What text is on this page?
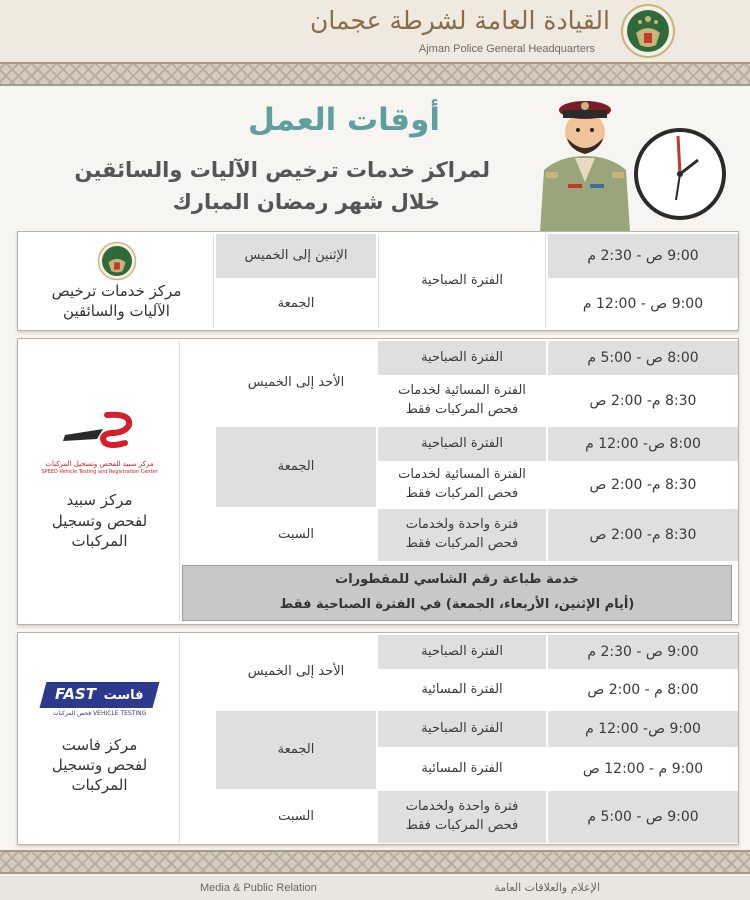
القيادة العامة لشرطة عجمان
Ajman Police General Headquarters
أوقات العمل
لمراكز خدمات ترخيص الآليات والسائقين
خلال شهر رمضان المبارك
9:00 ص - 2:30 م
9:00 ص - 12:00 م
الفترة الصباحية
الإثنين إلى الخميس
الجمعة
مركز خدمات ترخيص
الآليات والسائقين
8:00 ص - 5:00 م
8:30 م- 2:00 ص
8:00 ص- 12:00 م
8:30 م- 2:00 ص
8:30 م- 2:00 ص
الفترة الصباحية
الفترة المسائية لخدمات
فحص المركبات فقط
الفترة الصباحية
الفترة المسائية لخدمات
فحص المركبات فقط
فترة واحدة ولخدمات
فحص المركبات فقط
الأحد إلى الخميس
الجمعة
السبت
خدمة طباعة رقم الشاسي للمقطورات
(أيام الإثنين، الأربعاء، الجمعة) في الفترة الصباحية فقط
مركز سبيد للفحص وتسجيل المركبات
SPEED Vehicle Testing and Registration Center
مركز سبيد
لفحص وتسجيل
المركبات
9:00 ص - 2:30 م
8:00 م - 2:00 ص
9:00 ص- 12:00 م
9:00 م - 12:00 ص
9:00 ص - 5:00 م
الفترة الصباحية
الفترة المسائية
الفترة الصباحية
الفترة المسائية
فترة واحدة ولخدمات
فحص المركبات فقط
الأحد إلى الخميس
الجمعة
السبت
FAST فاست
VEHICLE TESTING فحص المركبات
مركز فاست
لفحص وتسجيل
المركبات
Media & Public Relation	الإعلام والعلاقات العامة
